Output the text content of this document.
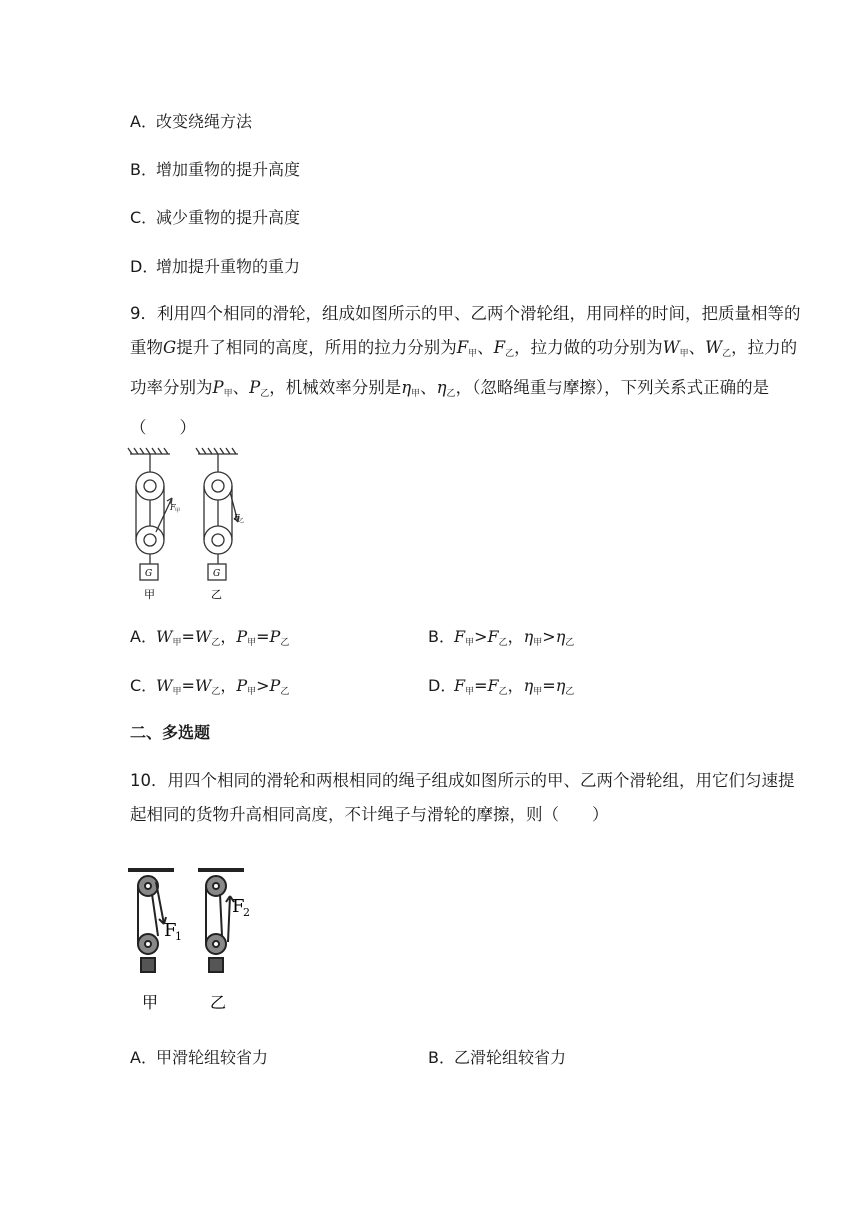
A．改变绕绳方法
B．增加重物的提升高度
C．减少重物的提升高度
D．增加提升重物的重力
9．利用四个相同的滑轮，组成如图所示的甲、乙两个滑轮组，用同样的时间，把质量相等的重物G提升了相同的高度，所用的拉力分别为$F_甲$、$F_乙$，拉力做的功分别为$W_甲$、$W_乙$，拉力的功率分别为$P_甲$、$P_乙$，机械效率分别是$\eta_甲$、$\eta_乙$，（忽略绳重与摩擦），下列关系式正确的是（　　）
G	G
F 甲
F 乙
甲	乙
A．$W_甲=W_乙$，$P_甲=P_乙$	B．$F_甲>F_乙$，$\eta_甲>\eta_乙$
C．$W_甲=W_乙$，$P_甲>P_乙$	D．$F_甲=F_乙$，$\eta_甲=\eta_乙$
二、多选题
10．用四个相同的滑轮和两根相同的绳子组成如图所示的甲、乙两个滑轮组，用它们匀速提起相同的货物升高相同高度，不计绳子与滑轮的摩擦，则（　　）
F
1
F
2
甲	乙
A．甲滑轮组较省力	B．乙滑轮组较省力
